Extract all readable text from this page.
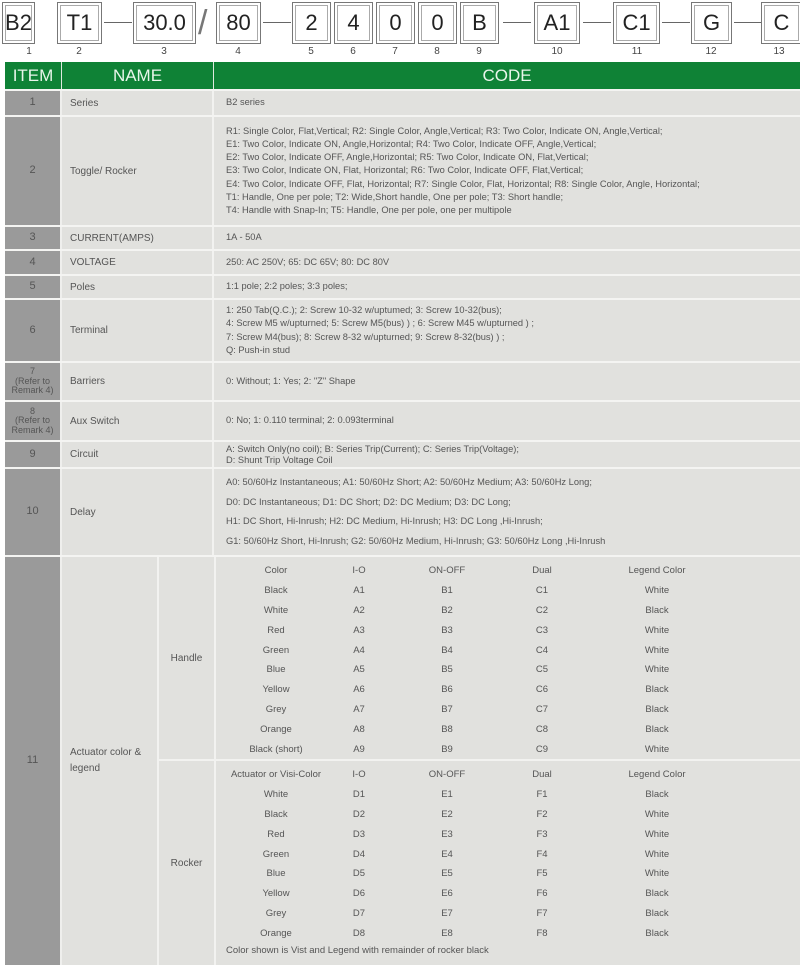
B2	T1	30.0 / 80	2	4	0	0	B	A1	C1	G	C
1	2	3	4	5	6	7	8	9	10	11	12	13
ITEM	NAME	CODE
1	Series	B2 series
2	Toggle/ Rocker
R1: Single Color, Flat,Vertical; R2: Single Color, Angle,Vertical; R3: Two Color, Indicate ON, Angle,Vertical;
E1: Two Color, Indicate ON, Angle,Horizontal; R4: Two Color, Indicate OFF, Angle,Vertical;
E2: Two Color, Indicate OFF, Angle,Horizontal; R5: Two Color, Indicate ON, Flat,Vertical;
E3: Two Color, Indicate ON, Flat, Horizontal; R6: Two Color, Indicate OFF, Flat,Vertical;
E4: Two Color, Indicate OFF, Flat, Horizontal; R7: Single Color, Flat, Horizontal; R8: Single Color, Angle, Horizontal;
T1: Handle, One per pole; T2: Wide,Short handle, One per pole; T3: Short handle;
T4: Handle with Snap-In; T5: Handle, One per pole, one per multipole
3	CURRENT(AMPS)	1A - 50A
4	VOLTAGE	250: AC 250V; 65: DC 65V; 80: DC 80V
5	Poles	1:1 pole; 2:2 poles; 3:3 poles;
6	Terminal
1: 250 Tab(Q.C.); 2: Screw 10-32 w/uptumed; 3: Screw 10-32(bus);
4: Screw M5 w/upturned; 5: Screw M5(bus) ) ; 6: Screw M45 w/upturned ) ;
7: Screw M4(bus); 8: Screw 8-32 w/upturned; 9: Screw 8-32(bus) ) ;
Q: Push-in stud
7
(Refer to Remark 4)
Barriers	0: Without; 1: Yes; 2: "Z" Shape
8
(Refer to Remark 4)
Aux Switch	0: No; 1: 0.110 terminal; 2: 0.093terminal
9	Circuit
A: Switch Only(no coil); B: Series Trip(Current); C: Series Trip(Voltage);
D: Shunt Trip Voltage Coil
10	Delay
A0: 50/60Hz Instantaneous; A1: 50/60Hz Short; A2: 50/60Hz Medium; A3: 50/60Hz Long;
D0: DC Instantaneous; D1: DC Short; D2: DC Medium; D3: DC Long;
H1: DC Short, Hi-Inrush; H2: DC Medium, Hi-Inrush; H3: DC Long ,Hi-Inrush;
G1: 50/60Hz Short, Hi-Inrush; G2: 50/60Hz Medium, Hi-Inrush; G3: 50/60Hz Long ,Hi-Inrush
11
Actuator color & legend
Handle
Color	I-O	ON-OFF	Dual	Legend Color
Black	A1	B1	C1	White
White	A2	B2	C2	Black
Red	A3	B3	C3	White
Green	A4	B4	C4	White
Blue	A5	B5	C5	White
Yellow	A6	B6	C6	Black
Grey	A7	B7	C7	Black
Orange	A8	B8	C8	Black
Black (short)	A9	B9	C9	White
Rocker
Actuator or Visi-Color	I-O	ON-OFF	Dual	Legend Color
White	D1	E1	F1	Black
Black	D2	E2	F2	White
Red	D3	E3	F3	White
Green	D4	E4	F4	White
Blue	D5	E5	F5	White
Yellow	D6	E6	F6	Black
Grey	D7	E7	F7	Black
Orange	D8	E8	F8	Black
Color shown is Vist and Legend with remainder of rocker black
